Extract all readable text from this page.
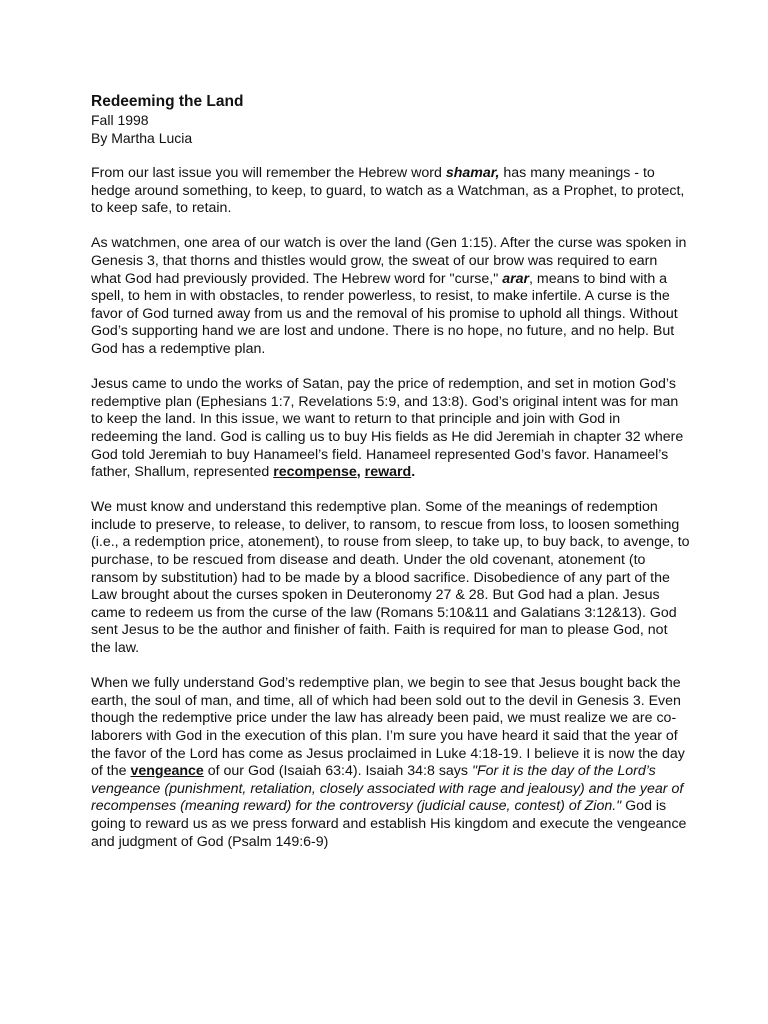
Redeeming the Land
Fall 1998
By Martha Lucia

From our last issue you will remember the Hebrew word shamar, has many meanings - to hedge around something, to keep, to guard, to watch as a Watchman, as a Prophet, to protect, to keep safe, to retain.

As watchmen, one area of our watch is over the land (Gen 1:15). After the curse was spoken in Genesis 3, that thorns and thistles would grow, the sweat of our brow was required to earn what God had previously provided. The Hebrew word for "curse," arar, means to bind with a spell, to hem in with obstacles, to render powerless, to resist, to make infertile. A curse is the favor of God turned away from us and the removal of his promise to uphold all things. Without God’s supporting hand we are lost and undone. There is no hope, no future, and no help. But God has a redemptive plan.

Jesus came to undo the works of Satan, pay the price of redemption, and set in motion God’s redemptive plan (Ephesians 1:7, Revelations 5:9, and 13:8). God’s original intent was for man to keep the land. In this issue, we want to return to that principle and join with God in redeeming the land. God is calling us to buy His fields as He did Jeremiah in chapter 32 where God told Jeremiah to buy Hanameel’s field. Hanameel represented God’s favor. Hanameel’s father, Shallum, represented recompense, reward.

We must know and understand this redemptive plan. Some of the meanings of redemption include to preserve, to release, to deliver, to ransom, to rescue from loss, to loosen something (i.e., a redemption price, atonement), to rouse from sleep, to take up, to buy back, to avenge, to purchase, to be rescued from disease and death. Under the old covenant, atonement (to ransom by substitution) had to be made by a blood sacrifice. Disobedience of any part of the Law brought about the curses spoken in Deuteronomy 27 & 28. But God had a plan. Jesus came to redeem us from the curse of the law (Romans 5:10&11 and Galatians 3:12&13). God sent Jesus to be the author and finisher of faith. Faith is required for man to please God, not the law.

When we fully understand God’s redemptive plan, we begin to see that Jesus bought back the earth, the soul of man, and time, all of which had been sold out to the devil in Genesis 3. Even though the redemptive price under the law has already been paid, we must realize we are co-laborers with God in the execution of this plan. I’m sure you have heard it said that the year of the favor of the Lord has come as Jesus proclaimed in Luke 4:18-19. I believe it is now the day of the vengeance of our God (Isaiah 63:4). Isaiah 34:8 says "For it is the day of the Lord’s vengeance (punishment, retaliation, closely associated with rage and jealousy) and the year of recompenses (meaning reward) for the controversy (judicial cause, contest) of Zion." God is going to reward us as we press forward and establish His kingdom and execute the vengeance and judgment of God (Psalm 149:6-9)
